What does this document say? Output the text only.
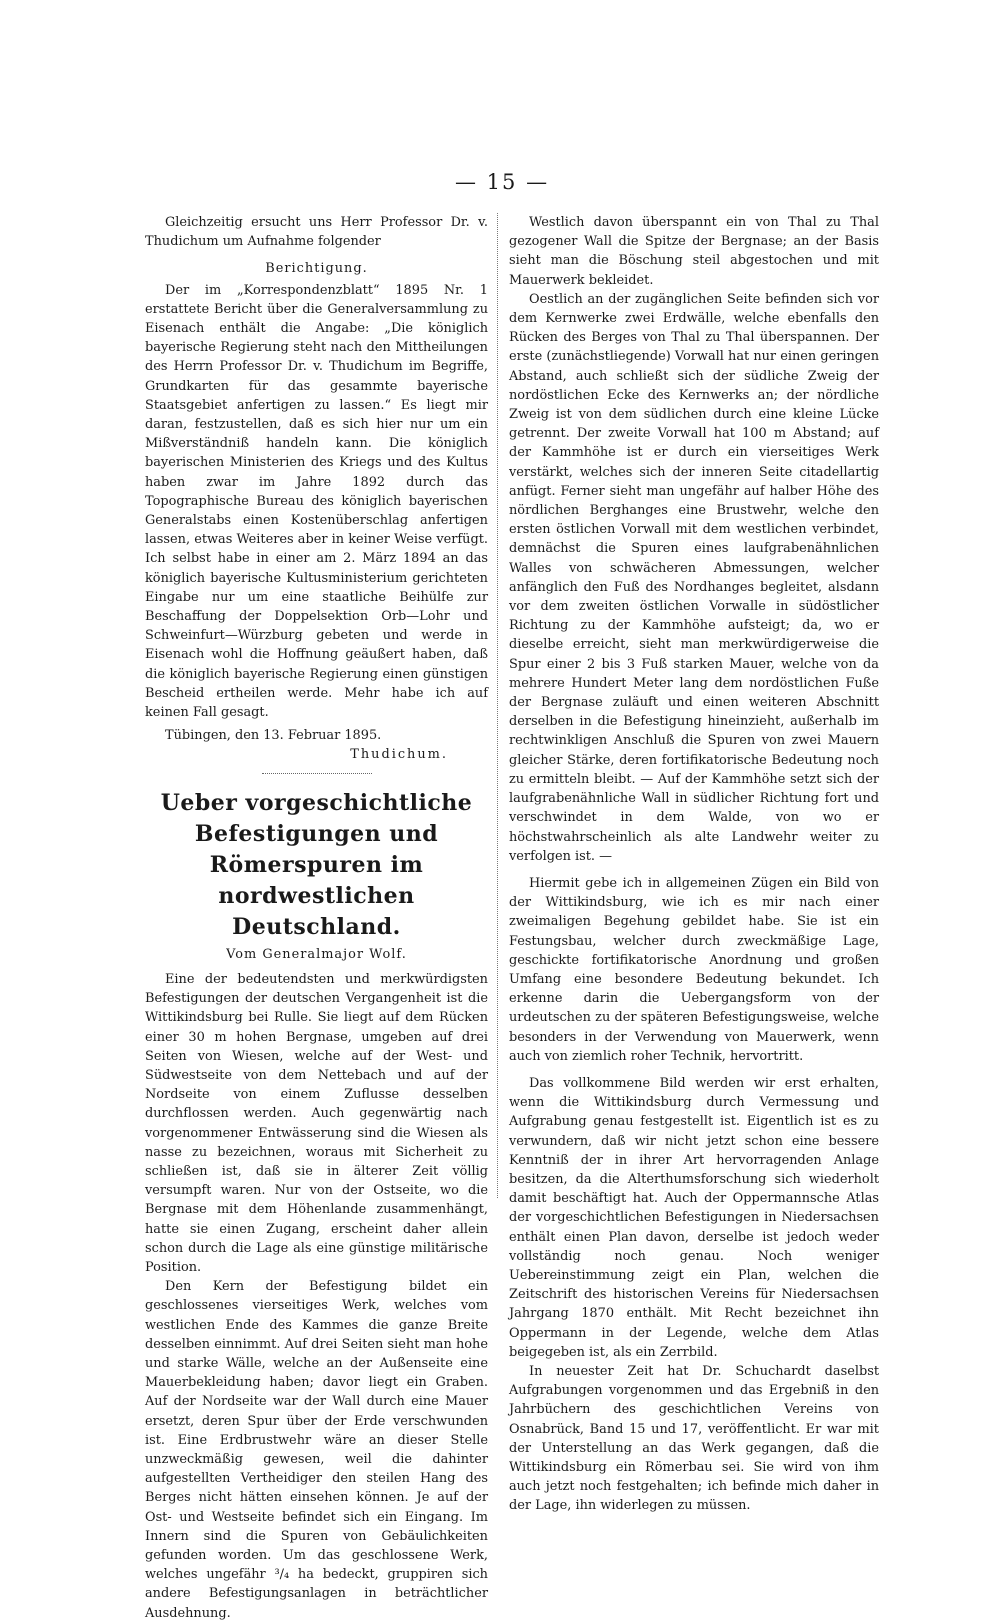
— 15 —

Gleichzeitig ersucht uns Herr Professor Dr. v. Thudichum um Aufnahme folgender

Berichtigung.

Der im „Korrespondenzblatt“ 1895 Nr. 1 erstattete Bericht über die Generalversammlung zu Eisenach enthält die Angabe: „Die königlich bayerische Regierung steht nach den Mittheilungen des Herrn Professor Dr. v. Thudichum im Begriffe, Grundkarten für das gesammte bayerische Staatsgebiet anfertigen zu lassen.“ Es liegt mir daran, festzustellen, daß es sich hier nur um ein Mißverständniß handeln kann. Die königlich bayerischen Ministerien des Kriegs und des Kultus haben zwar im Jahre 1892 durch das Topographische Bureau des königlich bayerischen Generalstabs einen Kostenüberschlag anfertigen lassen, etwas Weiteres aber in keiner Weise verfügt. Ich selbst habe in einer am 2. März 1894 an das königlich bayerische Kultusministerium gerichteten Eingabe nur um eine staatliche Beihülfe zur Beschaffung der Doppelsektion Orb—Lohr und Schweinfurt—Würzburg gebeten und werde in Eisenach wohl die Hoffnung geäußert haben, daß die königlich bayerische Regierung einen günstigen Bescheid ertheilen werde. Mehr habe ich auf keinen Fall gesagt.

Tübingen, den 13. Februar 1895.

Thudichum.

Ueber vorgeschichtliche Befestigungen und Römerspuren im nordwestlichen Deutschland.

Vom Generalmajor Wolf.

Eine der bedeutendsten und merkwürdigsten Befestigungen der deutschen Vergangenheit ist die Wittikindsburg bei Rulle. Sie liegt auf dem Rücken einer 30 m hohen Bergnase, umgeben auf drei Seiten von Wiesen, welche auf der West- und Südwestseite von dem Nettebach und auf der Nordseite von einem Zuflusse desselben durchflossen werden. Auch gegenwärtig nach vorgenommener Entwässerung sind die Wiesen als nasse zu bezeichnen, woraus mit Sicherheit zu schließen ist, daß sie in älterer Zeit völlig versumpft waren. Nur von der Ostseite, wo die Bergnase mit dem Höhenlande zusammenhängt, hatte sie einen Zugang, erscheint daher allein schon durch die Lage als eine günstige militärische Position.

Den Kern der Befestigung bildet ein geschlossenes vierseitiges Werk, welches vom westlichen Ende des Kammes die ganze Breite desselben einnimmt. Auf drei Seiten sieht man hohe und starke Wälle, welche an der Außenseite eine Mauerbekleidung haben; davor liegt ein Graben. Auf der Nordseite war der Wall durch eine Mauer ersetzt, deren Spur über der Erde verschwunden ist. Eine Erdbrustwehr wäre an dieser Stelle unzweckmäßig gewesen, weil die dahinter aufgestellten Vertheidiger den steilen Hang des Berges nicht hätten einsehen können. Je auf der Ost- und Westseite befindet sich ein Eingang. Im Innern sind die Spuren von Gebäulichkeiten gefunden worden. Um das geschlossene Werk, welches ungefähr ³/₄ ha bedeckt, gruppiren sich andere Befestigungsanlagen in beträchtlicher Ausdehnung.

Westlich davon überspannt ein von Thal zu Thal gezogener Wall die Spitze der Bergnase; an der Basis sieht man die Böschung steil abgestochen und mit Mauerwerk bekleidet.

Oestlich an der zugänglichen Seite befinden sich vor dem Kernwerke zwei Erdwälle, welche ebenfalls den Rücken des Berges von Thal zu Thal überspannen. Der erste (zunächstliegende) Vorwall hat nur einen geringen Abstand, auch schließt sich der südliche Zweig der nordöstlichen Ecke des Kernwerks an; der nördliche Zweig ist von dem südlichen durch eine kleine Lücke getrennt. Der zweite Vorwall hat 100 m Abstand; auf der Kammhöhe ist er durch ein vierseitiges Werk verstärkt, welches sich der inneren Seite citadellartig anfügt. Ferner sieht man ungefähr auf halber Höhe des nördlichen Berghanges eine Brustwehr, welche den ersten östlichen Vorwall mit dem westlichen verbindet, demnächst die Spuren eines laufgrabenähnlichen Walles von schwächeren Abmessungen, welcher anfänglich den Fuß des Nordhanges begleitet, alsdann vor dem zweiten östlichen Vorwalle in südöstlicher Richtung zu der Kammhöhe aufsteigt; da, wo er dieselbe erreicht, sieht man merkwürdigerweise die Spur einer 2 bis 3 Fuß starken Mauer, welche von da mehrere Hundert Meter lang dem nordöstlichen Fuße der Bergnase zuläuft und einen weiteren Abschnitt derselben in die Befestigung hineinzieht, außerhalb im rechtwinkligen Anschluß die Spuren von zwei Mauern gleicher Stärke, deren fortifikatorische Bedeutung noch zu ermitteln bleibt. — Auf der Kammhöhe setzt sich der laufgrabenähnliche Wall in südlicher Richtung fort und verschwindet in dem Walde, von wo er höchstwahrscheinlich als alte Landwehr weiter zu verfolgen ist. —

Hiermit gebe ich in allgemeinen Zügen ein Bild von der Wittikindsburg, wie ich es mir nach einer zweimaligen Begehung gebildet habe. Sie ist ein Festungsbau, welcher durch zweckmäßige Lage, geschickte fortifikatorische Anordnung und großen Umfang eine besondere Bedeutung bekundet. Ich erkenne darin die Uebergangsform von der urdeutschen zu der späteren Befestigungsweise, welche besonders in der Verwendung von Mauerwerk, wenn auch von ziemlich roher Technik, hervortritt.

Das vollkommene Bild werden wir erst erhalten, wenn die Wittikindsburg durch Vermessung und Aufgrabung genau festgestellt ist. Eigentlich ist es zu verwundern, daß wir nicht jetzt schon eine bessere Kenntniß der in ihrer Art hervorragenden Anlage besitzen, da die Alterthumsforschung sich wiederholt damit beschäftigt hat. Auch der Oppermannsche Atlas der vorgeschichtlichen Befestigungen in Niedersachsen enthält einen Plan davon, derselbe ist jedoch weder vollständig noch genau. Noch weniger Uebereinstimmung zeigt ein Plan, welchen die Zeitschrift des historischen Vereins für Niedersachsen Jahrgang 1870 enthält. Mit Recht bezeichnet ihn Oppermann in der Legende, welche dem Atlas beigegeben ist, als ein Zerrbild.

In neuester Zeit hat Dr. Schuchardt daselbst Aufgrabungen vorgenommen und das Ergebniß in den Jahrbüchern des geschichtlichen Vereins von Osnabrück, Band 15 und 17, veröffentlicht. Er war mit der Unterstellung an das Werk gegangen, daß die Wittikindsburg ein Römerbau sei. Sie wird von ihm auch jetzt noch festgehalten; ich befinde mich daher in der Lage, ihn widerlegen zu müssen.
